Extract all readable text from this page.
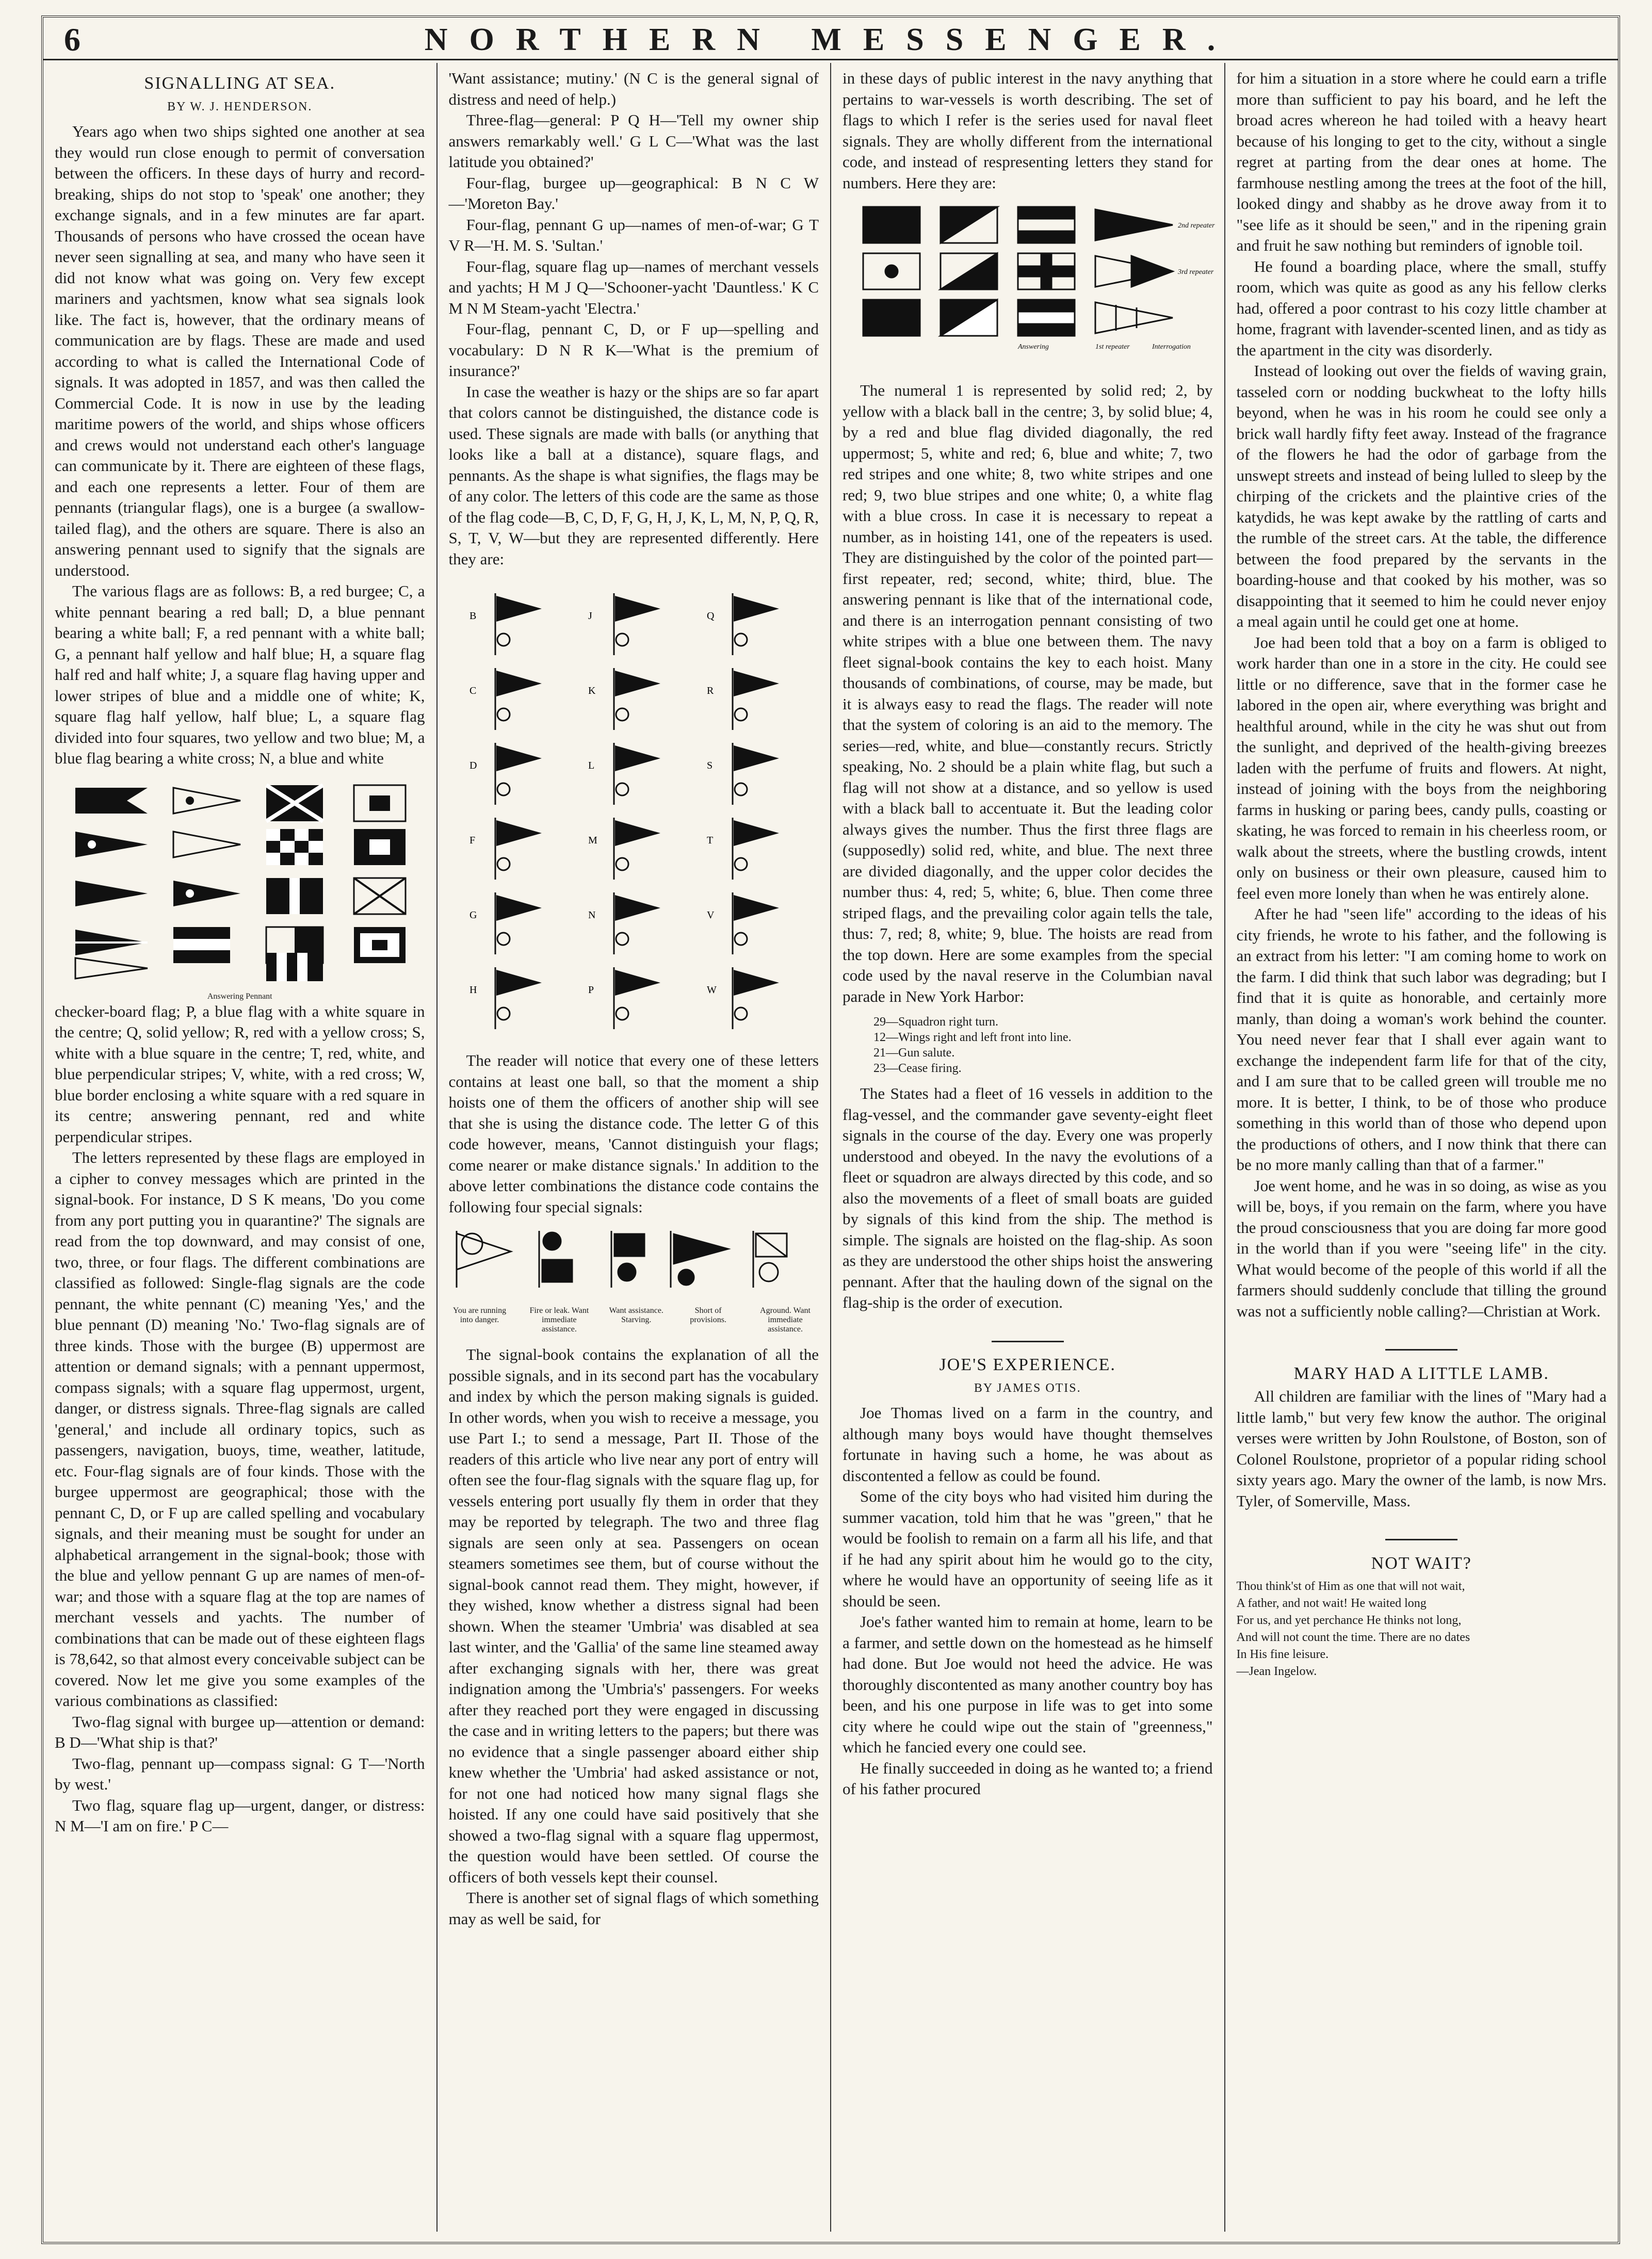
6	NORTHERN MESSENGER.
SIGNALLING AT SEA.
BY W. J. HENDERSON.

Years ago when two ships sighted one another at sea they would run close enough to permit of conversation between the officers. In these days of hurry and record-breaking, ships do not stop to 'speak' one another; they exchange signals, and in a few minutes are far apart. Thousands of persons who have crossed the ocean have never seen signalling at sea, and many who have seen it did not know what was going on. Very few except mariners and yachtsmen, know what sea signals look like. The fact is, however, that the ordinary means of communication are by flags. These are made and used according to what is called the International Code of signals. It was adopted in 1857, and was then called the Commercial Code. It is now in use by the leading maritime powers of the world, and ships whose officers and crews would not understand each other's language can communicate by it. There are eighteen of these flags, and each one represents a letter. Four of them are pennants (triangular flags), one is a burgee (a swallow-tailed flag), and the others are square. There is also an answering pennant used to signify that the signals are understood.

The various flags are as follows: B, a red burgee; C, a white pennant bearing a red ball; D, a blue pennant bearing a white ball; F, a red pennant with a white ball; G, a pennant half yellow and half blue; H, a square flag half red and half white; J, a square flag having upper and lower stripes of blue and a middle one of white; K, square flag half yellow, half blue; L, a square flag divided into four squares, two yellow and two blue; M, a blue flag bearing a white cross; N, a blue and white

Answering Pennant

checker-board flag; P, a blue flag with a white square in the centre; Q, solid yellow; R, red with a yellow cross; S, white with a blue square in the centre; T, red, white, and blue perpendicular stripes; V, white, with a red cross; W, blue border enclosing a white square with a red square in its centre; answering pennant, red and white perpendicular stripes.

The letters represented by these flags are employed in a cipher to convey messages which are printed in the signal-book. For instance, D S K means, 'Do you come from any port putting you in quarantine?' The signals are read from the top downward, and may consist of one, two, three, or four flags. The different combinations are classified as followed: Single-flag signals are the code pennant, the white pennant (C) meaning 'Yes,' and the blue pennant (D) meaning 'No.' Two-flag signals are of three kinds. Those with the burgee (B) uppermost are attention or demand signals; with a pennant uppermost, compass signals; with a square flag uppermost, urgent, danger, or distress signals. Three-flag signals are called 'general,' and include all ordinary topics, such as passengers, navigation, buoys, time, weather, latitude, etc. Four-flag signals are of four kinds. Those with the burgee uppermost are geographical; those with the pennant C, D, or F up are called spelling and vocabulary signals, and their meaning must be sought for under an alphabetical arrangement in the signal-book; those with the blue and yellow pennant G up are names of men-of-war; and those with a square flag at the top are names of merchant vessels and yachts. The number of combinations that can be made out of these eighteen flags is 78,642, so that almost every conceivable subject can be covered. Now let me give you some examples of the various combinations as classified:

Two-flag signal with burgee up—attention or demand: B D—'What ship is that?'

Two-flag, pennant up—compass signal: G T—'North by west.'

Two flag, square flag up—urgent, danger, or distress: N M—'I am on fire.' P C—

'Want assistance; mutiny.' (N C is the general signal of distress and need of help.)

Three-flag—general: P Q H—'Tell my owner ship answers remarkably well.' G L C—'What was the last latitude you obtained?'

Four-flag, burgee up—geographical: B N C W—'Moreton Bay.'

Four-flag, pennant G up—names of men-of-war; G T V R—'H. M. S. 'Sultan.'

Four-flag, square flag up—names of merchant vessels and yachts; H M J Q—'Schooner-yacht 'Dauntless.' K C M N M Steam-yacht 'Electra.'

Four-flag, pennant C, D, or F up—spelling and vocabulary: D N R K—'What is the premium of insurance?'

In case the weather is hazy or the ships are so far apart that colors cannot be distinguished, the distance code is used. These signals are made with balls (or anything that looks like a ball at a distance), square flags, and pennants. As the shape is what signifies, the flags may be of any color. The letters of this code are the same as those of the flag code—B, C, D, F, G, H, J, K, L, M, N, P, Q, R, S, T, V, W—but they are represented differently. Here they are:

B	J	Q
C	K	R
D	L	S
F	M	T
G	N	V
H	P	W

The reader will notice that every one of these letters contains at least one ball, so that the moment a ship hoists one of them the officers of another ship will see that she is using the distance code. The letter G of this code however, means, 'Cannot distinguish your flags; come nearer or make distance signals.' In addition to the above letter combinations the distance code contains the following four special signals:

You are running into danger.
Fire or leak. Want immediate assistance.
Want assistance. Starving.
Short of provisions.
Aground. Want immediate assistance.

The signal-book contains the explanation of all the possible signals, and in its second part has the vocabulary and index by which the person making signals is guided. In other words, when you wish to receive a message, you use Part I.; to send a message, Part II. Those of the readers of this article who live near any port of entry will often see the four-flag signals with the square flag up, for vessels entering port usually fly them in order that they may be reported by telegraph. The two and three flag signals are seen only at sea. Passengers on ocean steamers sometimes see them, but of course without the signal-book cannot read them. They might, however, if they wished, know whether a distress signal had been shown. When the steamer 'Umbria' was disabled at sea last winter, and the 'Gallia' of the same line steamed away after exchanging signals with her, there was great indignation among the 'Umbria's' passengers. For weeks after they reached port they were engaged in discussing the case and in writing letters to the papers; but there was no evidence that a single passenger aboard either ship knew whether the 'Umbria' had asked assistance or not, for not one had noticed how many signal flags she hoisted. If any one could have said positively that she showed a two-flag signal with a square flag uppermost, the question would have been settled. Of course the officers of both vessels kept their counsel.

There is another set of signal flags of which something may as well be said, for

in these days of public interest in the navy anything that pertains to war-vessels is worth describing. The set of flags to which I refer is the series used for naval fleet signals. They are wholly different from the international code, and instead of respresenting letters they stand for numbers. Here they are:

2nd repeater
3rd repeater
Answering	1st repeater	Interrogation

The numeral 1 is represented by solid red; 2, by yellow with a black ball in the centre; 3, by solid blue; 4, by a red and blue flag divided diagonally, the red uppermost; 5, white and red; 6, blue and white; 7, two red stripes and one white; 8, two white stripes and one red; 9, two blue stripes and one white; 0, a white flag with a blue cross. In case it is necessary to repeat a number, as in hoisting 141, one of the repeaters is used. They are distinguished by the color of the pointed part—first repeater, red; second, white; third, blue. The answering pennant is like that of the international code, and there is an interrogation pennant consisting of two white stripes with a blue one between them. The navy fleet signal-book contains the key to each hoist. Many thousands of combinations, of course, may be made, but it is always easy to read the flags. The reader will note that the system of coloring is an aid to the memory. The series—red, white, and blue—constantly recurs. Strictly speaking, No. 2 should be a plain white flag, but such a flag will not show at a distance, and so yellow is used with a black ball to accentuate it. But the leading color always gives the number. Thus the first three flags are (supposedly) solid red, white, and blue. The next three are divided diagonally, and the upper color decides the number thus: 4, red; 5, white; 6, blue. Then come three striped flags, and the prevailing color again tells the tale, thus: 7, red; 8, white; 9, blue. The hoists are read from the top down. Here are some examples from the special code used by the naval reserve in the Columbian naval parade in New York Harbor:

29—Squadron right turn.
12—Wings right and left front into line.
21—Gun salute.
23—Cease firing.

The States had a fleet of 16 vessels in addition to the flag-vessel, and the commander gave seventy-eight fleet signals in the course of the day. Every one was properly understood and obeyed. In the navy the evolutions of a fleet or squadron are always directed by this code, and so also the movements of a fleet of small boats are guided by signals of this kind from the ship. The method is simple. The signals are hoisted on the flag-ship. As soon as they are understood the other ships hoist the answering pennant. After that the hauling down of the signal on the flag-ship is the order of execution.

JOE'S EXPERIENCE.
BY JAMES OTIS.

Joe Thomas lived on a farm in the country, and although many boys would have thought themselves fortunate in having such a home, he was about as discontented a fellow as could be found.

Some of the city boys who had visited him during the summer vacation, told him that he was "green," that he would be foolish to remain on a farm all his life, and that if he had any spirit about him he would go to the city, where he would have an opportunity of seeing life as it should be seen.

Joe's father wanted him to remain at home, learn to be a farmer, and settle down on the homestead as he himself had done. But Joe would not heed the advice. He was thoroughly discontented as many another country boy has been, and his one purpose in life was to get into some city where he could wipe out the stain of "greenness," which he fancied every one could see.

He finally succeeded in doing as he wanted to; a friend of his father procured

for him a situation in a store where he could earn a trifle more than sufficient to pay his board, and he left the broad acres whereon he had toiled with a heavy heart because of his longing to get to the city, without a single regret at parting from the dear ones at home. The farmhouse nestling among the trees at the foot of the hill, looked dingy and shabby as he drove away from it to "see life as it should be seen," and in the ripening grain and fruit he saw nothing but reminders of ignoble toil.

He found a boarding place, where the small, stuffy room, which was quite as good as any his fellow clerks had, offered a poor contrast to his cozy little chamber at home, fragrant with lavender-scented linen, and as tidy as the apartment in the city was disorderly.

Instead of looking out over the fields of waving grain, tasseled corn or nodding buckwheat to the lofty hills beyond, when he was in his room he could see only a brick wall hardly fifty feet away. Instead of the fragrance of the flowers he had the odor of garbage from the unswept streets and instead of being lulled to sleep by the chirping of the crickets and the plaintive cries of the katydids, he was kept awake by the rattling of carts and the rumble of the street cars. At the table, the difference between the food prepared by the servants in the boarding-house and that cooked by his mother, was so disappointing that it seemed to him he could never enjoy a meal again until he could get one at home.

Joe had been told that a boy on a farm is obliged to work harder than one in a store in the city. He could see little or no difference, save that in the former case he labored in the open air, where everything was bright and healthful around, while in the city he was shut out from the sunlight, and deprived of the health-giving breezes laden with the perfume of fruits and flowers. At night, instead of joining with the boys from the neighboring farms in husking or paring bees, candy pulls, coasting or skating, he was forced to remain in his cheerless room, or walk about the streets, where the bustling crowds, intent only on business or their own pleasure, caused him to feel even more lonely than when he was entirely alone.

After he had "seen life" according to the ideas of his city friends, he wrote to his father, and the following is an extract from his letter: "I am coming home to work on the farm. I did think that such labor was degrading; but I find that it is quite as honorable, and certainly more manly, than doing a woman's work behind the counter. You need never fear that I shall ever again want to exchange the independent farm life for that of the city, and I am sure that to be called green will trouble me no more. It is better, I think, to be of those who produce something in this world than of those who depend upon the productions of others, and I now think that there can be no more manly calling than that of a farmer."

Joe went home, and he was in so doing, as wise as you will be, boys, if you remain on the farm, where you have the proud consciousness that you are doing far more good in the world than if you were "seeing life" in the city. What would become of the people of this world if all the farmers should suddenly conclude that tilling the ground was not a sufficiently noble calling?—Christian at Work.

MARY HAD A LITTLE LAMB.

All children are familiar with the lines of "Mary had a little lamb," but very few know the author. The original verses were written by John Roulstone, of Boston, son of Colonel Roulstone, proprietor of a popular riding school sixty years ago. Mary the owner of the lamb, is now Mrs. Tyler, of Somerville, Mass.

NOT WAIT?
Thou think'st of Him as one that will not wait,
A father, and not wait! He waited long
For us, and yet perchance He thinks not long,
And will not count the time. There are no dates
In His fine leisure.
—Jean Ingelow.
